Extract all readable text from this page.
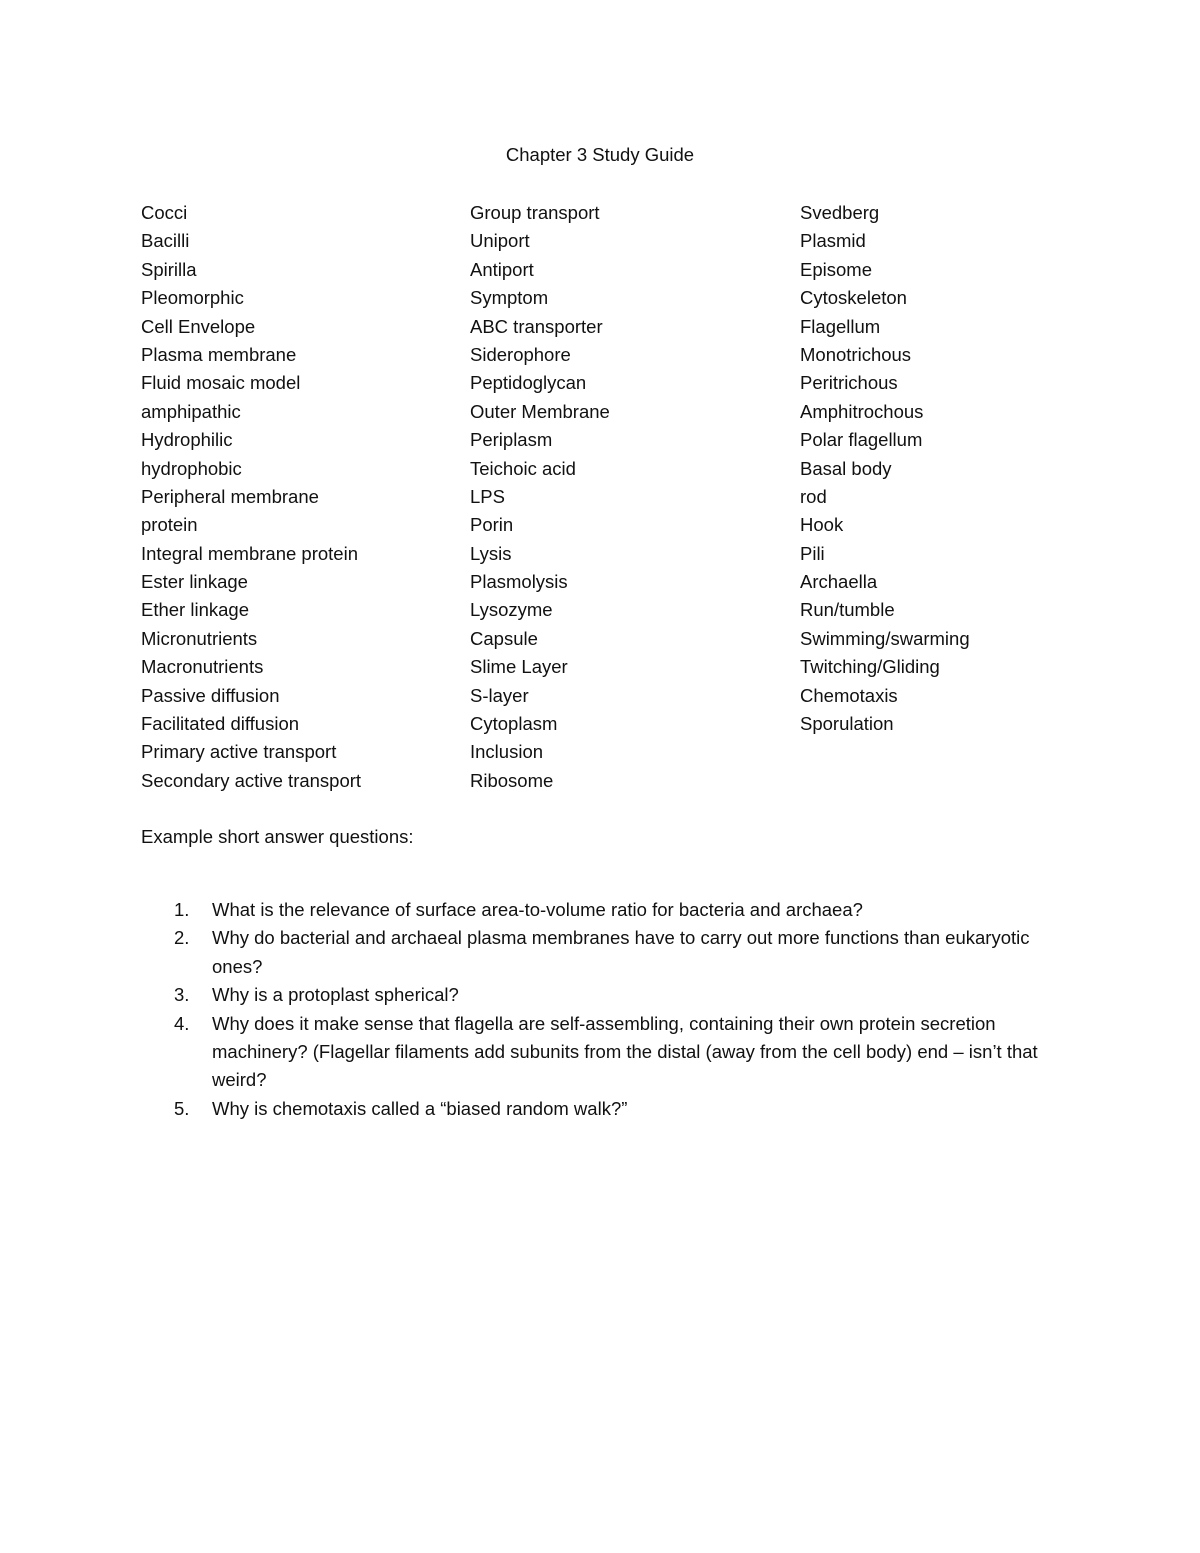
Chapter 3 Study Guide
Cocci
Bacilli
Spirilla
Pleomorphic
Cell Envelope
Plasma membrane
Fluid mosaic model
amphipathic
Hydrophilic
hydrophobic
Peripheral membrane
protein
Integral membrane protein
Ester linkage
Ether linkage
Micronutrients
Macronutrients
Passive diffusion
Facilitated diffusion
Primary active transport
Secondary active transport
Group transport
Uniport
Antiport
Symptom
ABC transporter
Siderophore
Peptidoglycan
Outer Membrane
Periplasm
Teichoic acid
LPS
Porin
Lysis
Plasmolysis
Lysozyme
Capsule
Slime Layer
S-layer
Cytoplasm
Inclusion
Ribosome
Svedberg
Plasmid
Episome
Cytoskeleton
Flagellum
Monotrichous
Peritrichous
Amphitrochous
Polar flagellum
Basal body
rod
Hook
Pili
Archaella
Run/tumble
Swimming/swarming
Twitching/Gliding
Chemotaxis
Sporulation
Example short answer questions:
1. What is the relevance of surface area-to-volume ratio for bacteria and archaea?
2. Why do bacterial and archaeal plasma membranes have to carry out more functions than eukaryotic ones?
3. Why is a protoplast spherical?
4. Why does it make sense that flagella are self-assembling, containing their own protein secretion machinery? (Flagellar filaments add subunits from the distal (away from the cell body) end – isn’t that weird?
5. Why is chemotaxis called a “biased random walk?”
